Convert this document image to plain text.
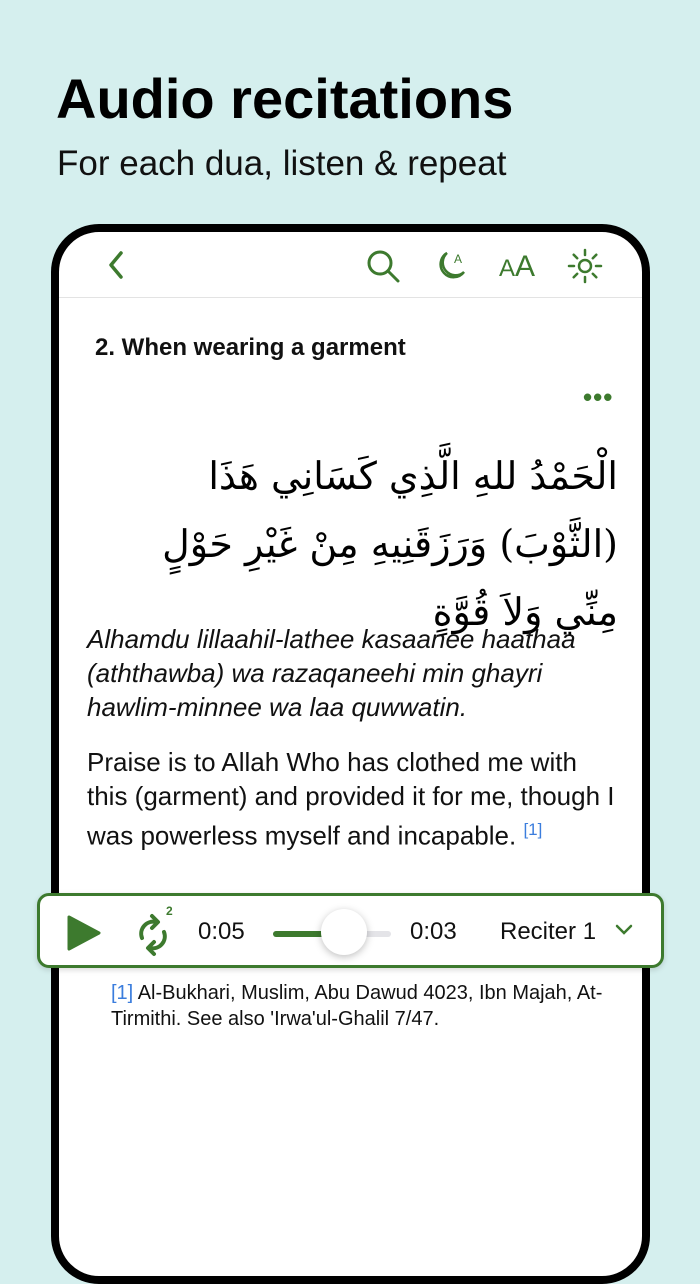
Audio recitations
For each dua, listen & repeat
A AA
2. When wearing a garment
•••
الْحَمْدُ للهِ الَّذِي كَسَانِي هَذَا (الثَّوْبَ) وَرَزَقَنِيهِ مِنْ غَيْرِ حَوْلٍ مِنِّي وَلاَ قُوَّةٍ
Alhamdu lillaahil-lathee kasaanee haathaa (aththawba) wa razaqaneehi min ghayri hawlim-minnee wa laa quwwatin.
Praise is to Allah Who has clothed me with this (garment) and provided it for me, though I was powerless myself and incapable. [1]
[1] Al-Bukhari, Muslim, Abu Dawud 4023, Ibn Majah, At-Tirmithi. See also 'Irwa'ul-Ghalil 7/47.
2
0:05	0:03 Reciter 1
